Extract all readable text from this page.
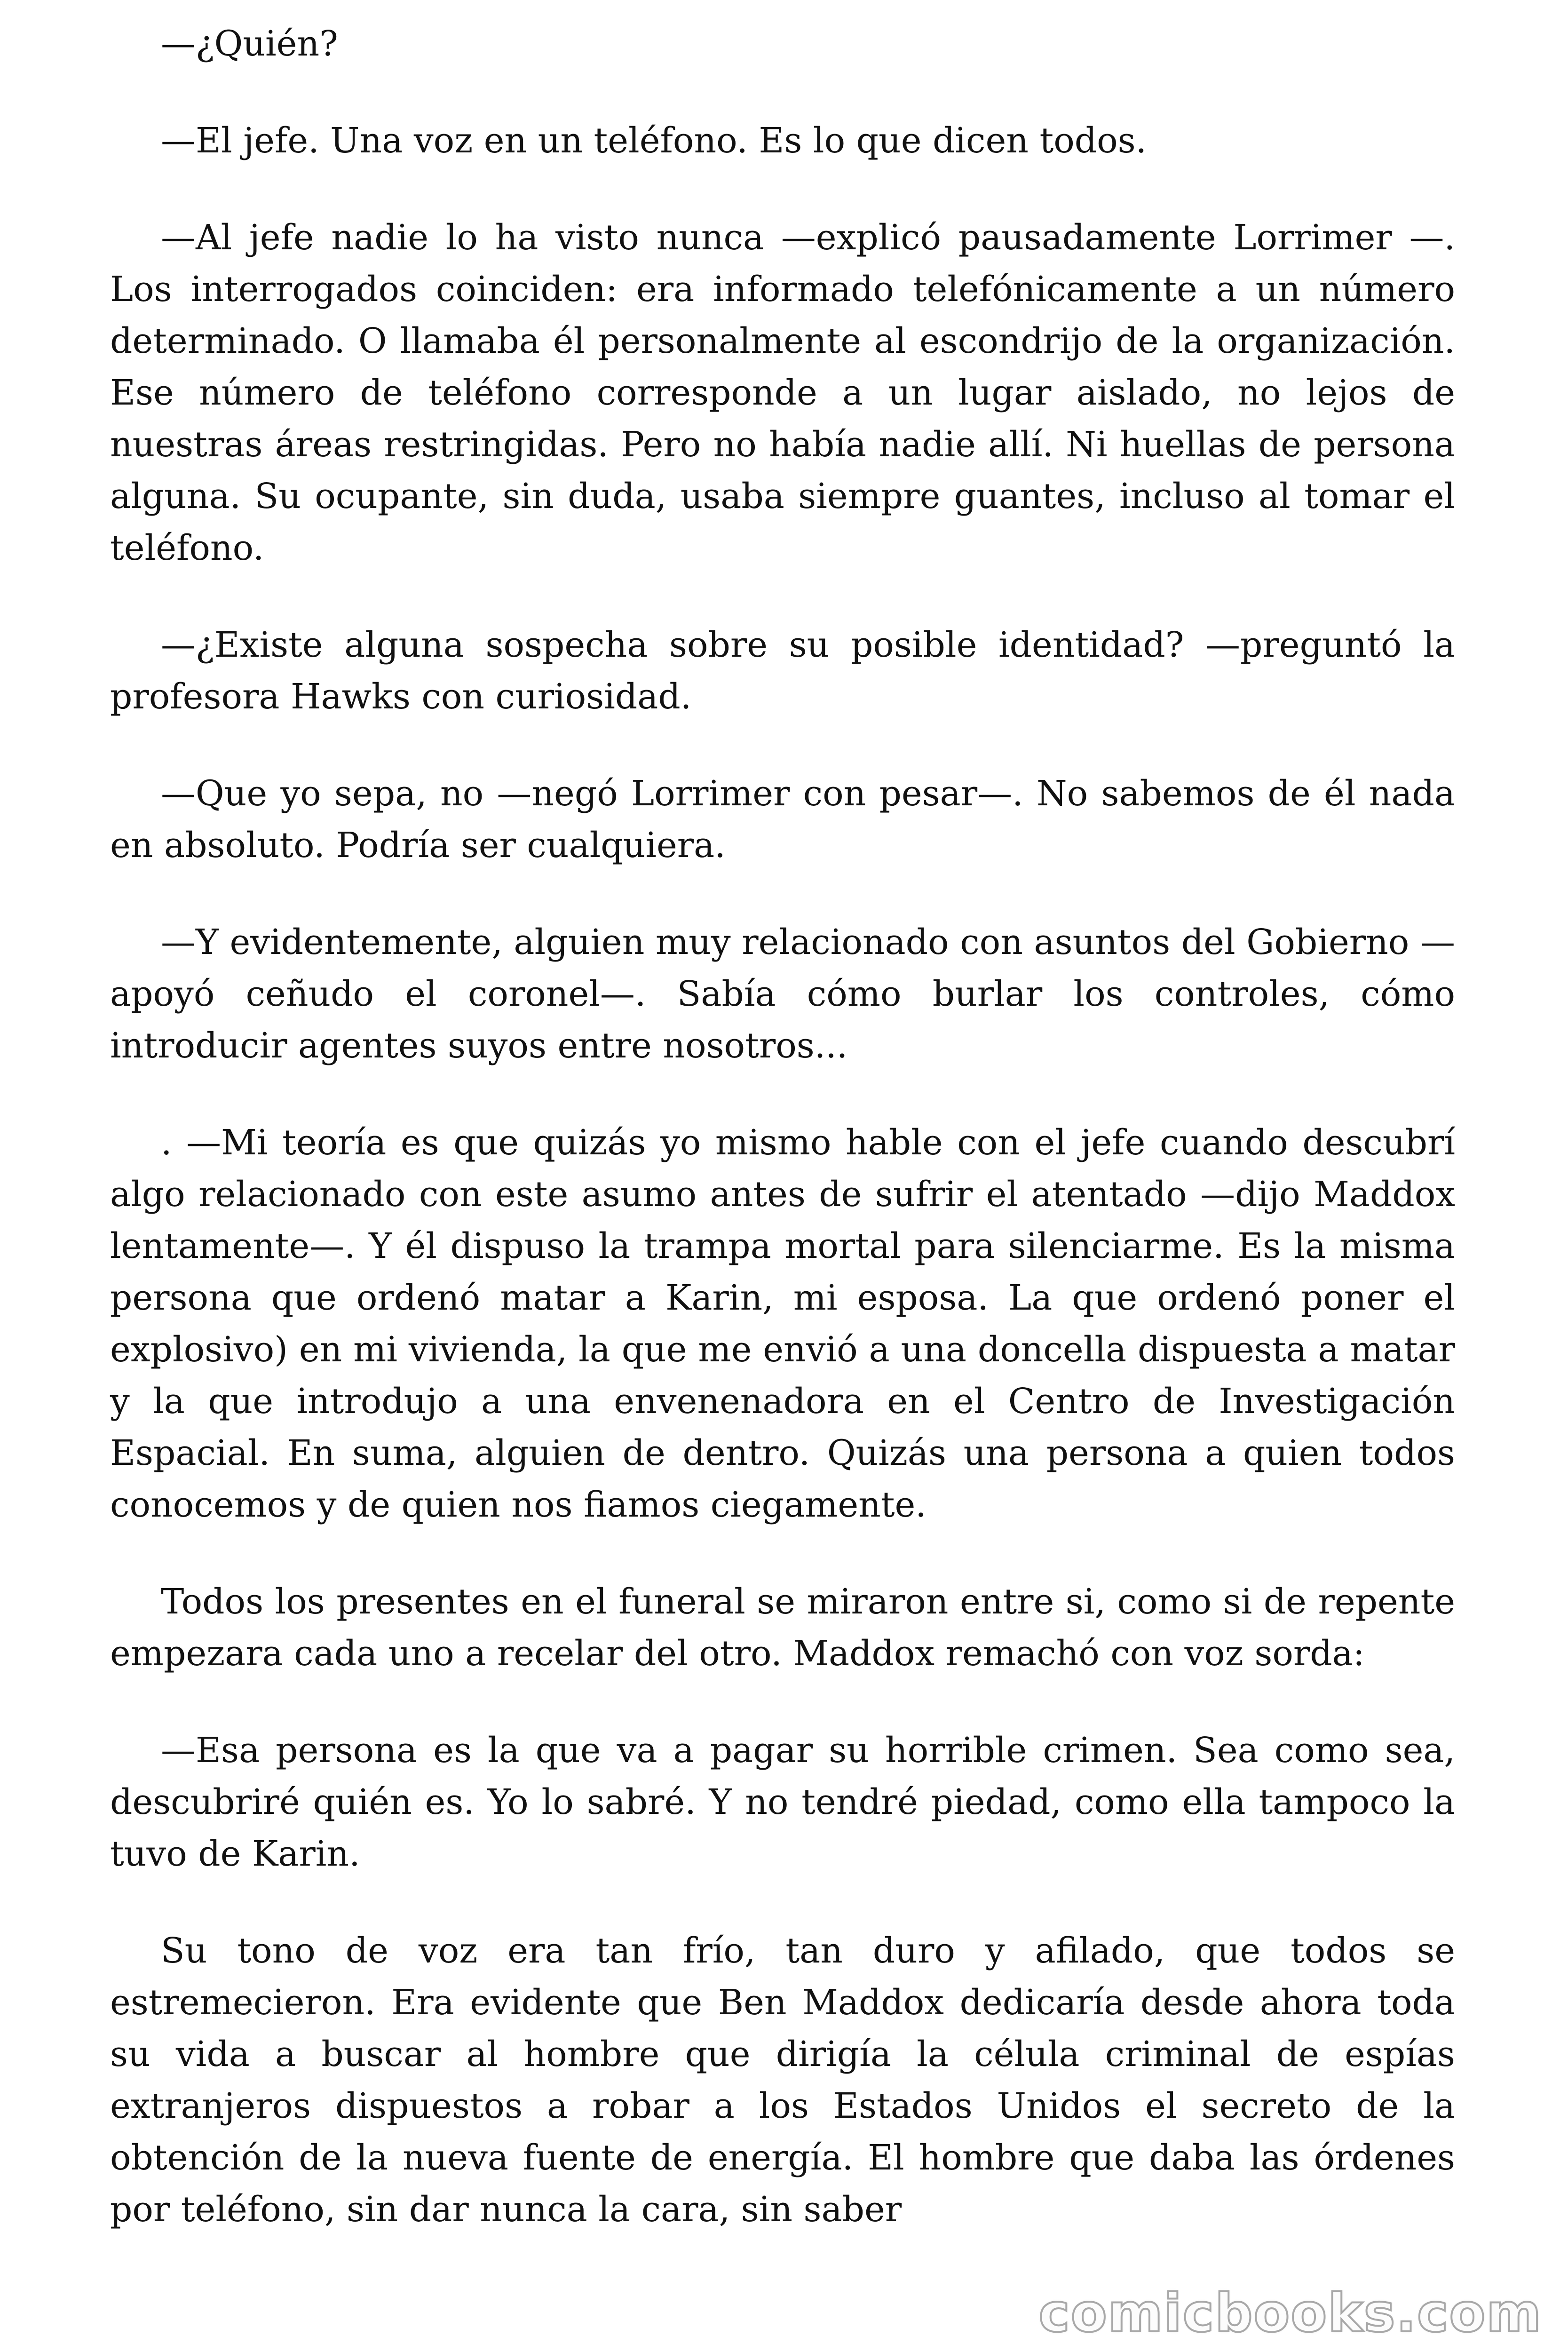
—¿Quién?

—El jefe. Una voz en un teléfono. Es lo que dicen todos.

—Al jefe nadie lo ha visto nunca —explicó pausadamente Lorrimer —. Los interrogados coinciden: era informado telefónicamente a un número determinado. O llamaba él personalmente al escondrijo de la organización. Ese número de teléfono corresponde a un lugar aislado, no lejos de nuestras áreas restringidas. Pero no había nadie allí. Ni huellas de persona alguna. Su ocupante, sin duda, usaba siempre guantes, incluso al tomar el teléfono.

—¿Existe alguna sospecha sobre su posible identidad? —preguntó la profesora Hawks con curiosidad.

—Que yo sepa, no —negó Lorrimer con pesar—. No sabemos de él nada en absoluto. Podría ser cualquiera.

—Y evidentemente, alguien muy relacionado con asuntos del Gobierno —apoyó ceñudo el coronel—. Sabía cómo burlar los controles, cómo introducir agentes suyos entre nosotros...

. —Mi teoría es que quizás yo mismo hable con el jefe cuando descubrí algo relacionado con este asumo antes de sufrir el atentado —dijo Maddox lentamente—. Y él dispuso la trampa mortal para silenciarme. Es la misma persona que ordenó matar a Karin, mi esposa. La que ordenó poner el explosivo) en mi vivienda, la que me envió a una doncella dispuesta a matar y la que introdujo a una envenenadora en el Centro de Investigación Espacial. En suma, alguien de dentro. Quizás una persona a quien todos conocemos y de quien nos fiamos ciegamente.

Todos los presentes en el funeral se miraron entre si, como si de repente empezara cada uno a recelar del otro. Maddox remachó con voz sorda:

—Esa persona es la que va a pagar su horrible crimen. Sea como sea, descubriré quién es. Yo lo sabré. Y no tendré piedad, como ella tampoco la tuvo de Karin.

Su tono de voz era tan frío, tan duro y afilado, que todos se estremecieron. Era evidente que Ben Maddox dedicaría desde ahora toda su vida a buscar al hombre que dirigía la célula criminal de espías extranjeros dispuestos a robar a los Estados Unidos el secreto de la obtención de la nueva fuente de energía. El hombre que daba las órdenes por teléfono, sin dar nunca la cara, sin saber

comicbooks.com
